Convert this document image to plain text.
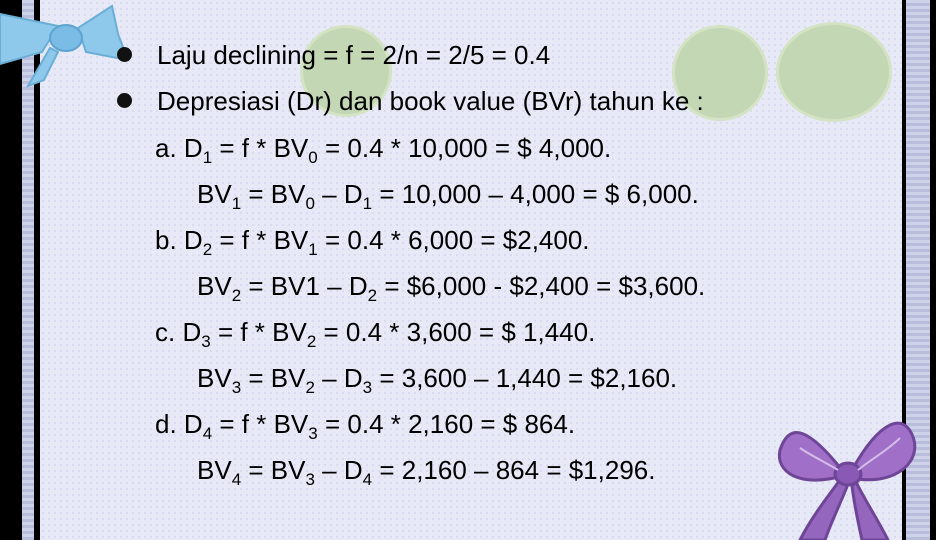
Laju declining = f = 2/n = 2/5 = 0.4
Depresiasi (Dr) dan book value (BVr) tahun ke :
a. $D_1 = f * BV_0 = 0.4 * 10,000$ = $ 4,000.
$BV_1 = BV_0 - D_1 = 10,000 - 4,000$ = $ 6,000.
b. $D_2 = f * BV_1 = 0.4 * 6,000$ = $2,400.
$BV_2 = BV1 - D_2$ = $6,000 - $2,400 = $3,600.
c. $D_3 = f * BV_2 = 0.4 * 3,600$ = $ 1,440.
$BV_3 = BV_2 - D_3 = 3,600 - 1,440$ = $2,160.
d. $D_4 = f * BV_3 = 0.4 * 2,160$ = $ 864.
$BV_4 = BV_3 - D_4 = 2,160 - 864$ = $1,296.
